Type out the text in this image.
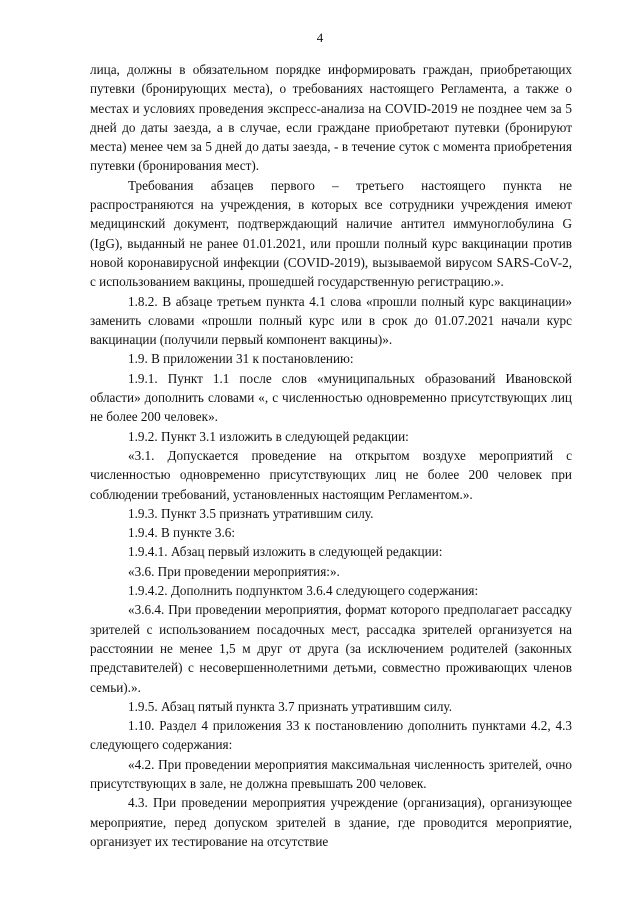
4

лица, должны в обязательном порядке информировать граждан, приобретающих путевки (бронирующих места), о требованиях настоящего Регламента, а также о местах и условиях проведения экспресс-анализа на COVID-2019 не позднее чем за 5 дней до даты заезда, а в случае, если граждане приобретают путевки (бронируют места) менее чем за 5 дней до даты заезда, - в течение суток с момента приобретения путевки (бронирования мест).

Требования абзацев первого – третьего настоящего пункта не распространяются на учреждения, в которых все сотрудники учреждения имеют медицинский документ, подтверждающий наличие антител иммуноглобулина G (IgG), выданный не ранее 01.01.2021, или прошли полный курс вакцинации против новой коронавирусной инфекции (COVID-2019), вызываемой вирусом SARS-CoV-2, с использованием вакцины, прошедшей государственную регистрацию.».

1.8.2. В абзаце третьем пункта 4.1 слова «прошли полный курс вакцинации» заменить словами «прошли полный курс или в срок до 01.07.2021 начали курс вакцинации (получили первый компонент вакцины)».

1.9. В приложении 31 к постановлению:

1.9.1. Пункт 1.1 после слов «муниципальных образований Ивановской области» дополнить словами «, с численностью одновременно присутствующих лиц не более 200 человек».

1.9.2. Пункт 3.1 изложить в следующей редакции:

«3.1. Допускается проведение на открытом воздухе мероприятий с численностью одновременно присутствующих лиц не более 200 человек при соблюдении требований, установленных настоящим Регламентом.».

1.9.3. Пункт 3.5 признать утратившим силу.

1.9.4. В пункте 3.6:

1.9.4.1. Абзац первый изложить в следующей редакции:

«3.6. При проведении мероприятия:».

1.9.4.2. Дополнить подпунктом 3.6.4 следующего содержания:

«3.6.4. При проведении мероприятия, формат которого предполагает рассадку зрителей с использованием посадочных мест, рассадка зрителей организуется на расстоянии не менее 1,5 м друг от друга (за исключением родителей (законных представителей) с несовершеннолетними детьми, совместно проживающих членов семьи).».

1.9.5. Абзац пятый пункта 3.7 признать утратившим силу.

1.10. Раздел 4 приложения 33 к постановлению дополнить пунктами 4.2, 4.3 следующего содержания:

«4.2. При проведении мероприятия максимальная численность зрителей, очно присутствующих в зале, не должна превышать 200 человек.

4.3. При проведении мероприятия учреждение (организация), организующее мероприятие, перед допуском зрителей в здание, где проводится мероприятие, организует их тестирование на отсутствие
